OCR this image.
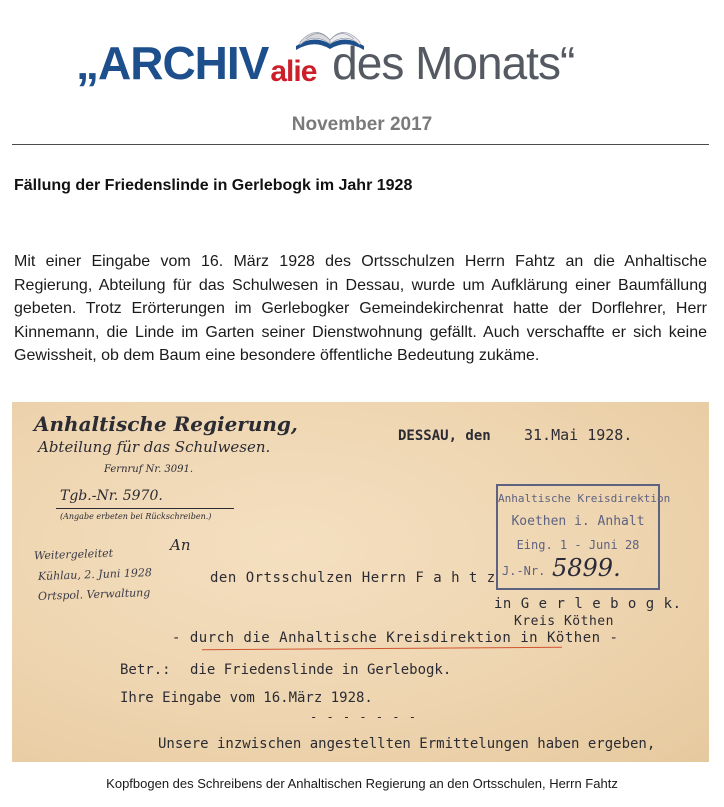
„ARCHIValie des Monats“
November 2017
Fällung der Friedenslinde in Gerlebogk im Jahr 1928

Mit einer Eingabe vom 16. März 1928 des Ortsschulzen Herrn Fahtz an die Anhaltische Regierung, Abteilung für das Schulwesen in Dessau, wurde um Aufklärung einer Baumfällung gebeten. Trotz Erörterungen im Gerlebogker Gemeindekirchenrat hatte der Dorflehrer, Herr Kinnemann, die Linde im Garten seiner Dienstwohnung gefällt. Auch verschaffte er sich keine Gewissheit, ob dem Baum eine besondere öffentliche Bedeutung zukäme.

Anhaltische Regierung,
Abteilung für das Schulwesen.
Fernruf Nr. 3091.
Tgb.-Nr. 5970.
(Angabe erbeten bei Rückschreiben.)
DESSAU, den 31.Mai 1928.
An
Weitergeleitet
Kühlau, 2. Juni 1928
Ortspol. Verwaltung
den Ortsschulzen Herrn F a h t z
in G e r l e b o g k.
Kreis Köthen
- durch die Anhaltische Kreisdirektion in Köthen -
Betr.: die Friedenslinde in Gerlebogk.
Ihre Eingabe vom 16.März 1928.
- - - - - - -
Unsere inzwischen angestellten Ermittelungen haben ergeben,
Anhaltische Kreisdirektion
Koethen i. Anhalt
Eing. 1 - Juni 28
J.-Nr. 5899.
Kopfbogen des Schreibens der Anhaltischen Regierung an den Ortsschulen, Herrn Fahtz
